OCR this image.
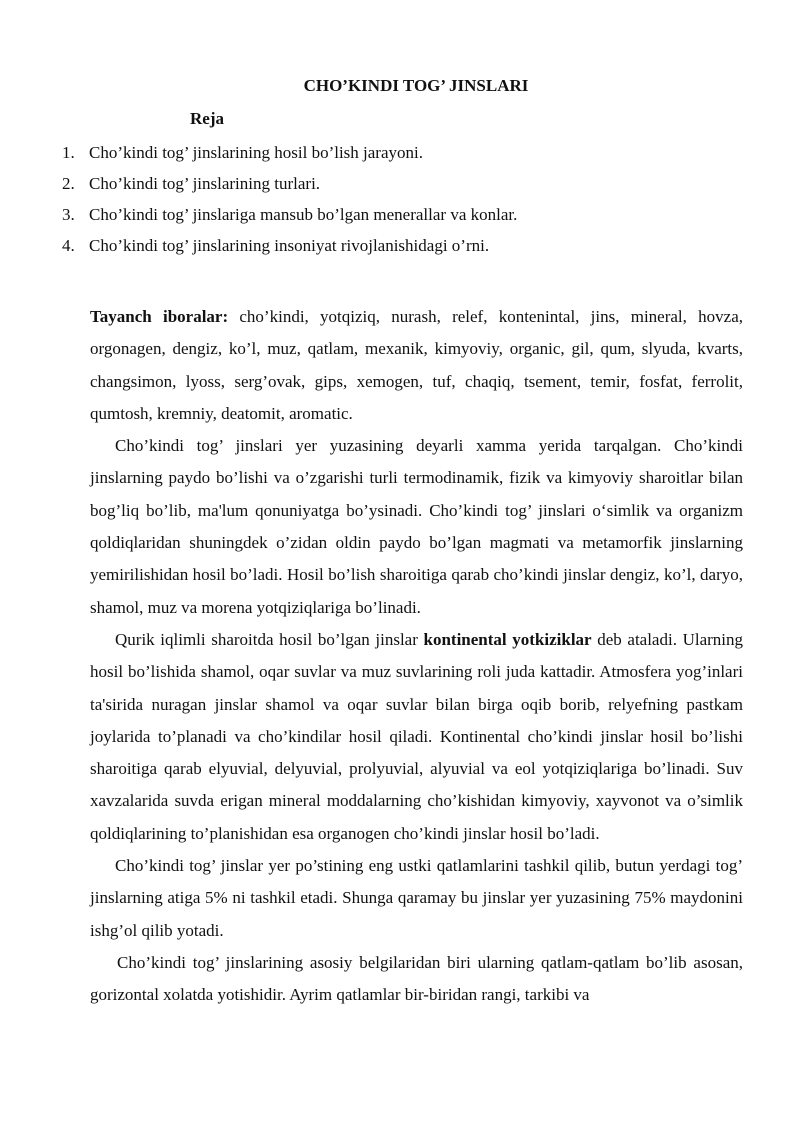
CHO’KINDI TOG’ JINSLARI
Reja
1. Cho’kindi tog’ jinslarining hosil bo’lish jarayoni.
2. Cho’kindi tog’ jinslarining turlari.
3. Cho’kindi tog’ jinslariga mansub bo’lgan menerallar va konlar.
4. Cho’kindi tog’ jinslarining insoniyat rivojlanishidagi o’rni.

Tayanch iboralar: cho’kindi, yotqiziq, nurash, relef, kontenintal, jins, mineral, hovza, orgonagen, dengiz, ko’l, muz, qatlam, mexanik, kimyoviy, organic, gil, qum, slyuda, kvarts, changsimon, lyoss, serg’ovak, gips, xemogen, tuf, chaqiq, tsement, temir, fosfat, ferrolit, qumtosh, kremniy, deatomit, aromatic.

Cho’kindi tog’ jinslari yer yuzasining deyarli xamma yerida tarqalgan. Cho’kindi jinslarning paydo bo’lishi va o’zgarishi turli termodinamik, fizik va kimyoviy sharoitlar bilan bog’liq bo’lib, ma'lum qonuniyatga bo’ysinadi. Cho’kindi tog’ jinslari o‘simlik va organizm qoldiqlaridan shuningdek o’zidan oldin paydo bo’lgan magmati va metamorfik jinslarning yemirilishidan hosil bo’ladi. Hosil bo’lish sharoitiga qarab cho’kindi jinslar dengiz, ko’l, daryo, shamol, muz va morena yotqiziqlariga bo’linadi.

Qurik iqlimli sharoitda hosil bo’lgan jinslar kontinental yotkiziklar deb ataladi. Ularning hosil bo’lishida shamol, oqar suvlar va muz suvlarining roli juda kattadir. Atmosfera yog’inlari ta'sirida nuragan jinslar shamol va oqar suvlar bilan birga oqib borib, relyefning pastkam joylarida to’planadi va cho’kindilar hosil qiladi. Kontinental cho’kindi jinslar hosil bo’lishi sharoitiga qarab elyuvial, delyuvial, prolyuvial, alyuvial va eol yotqiziqlariga bo’linadi. Suv xavzalarida suvda erigan mineral moddalarning cho’kishidan kimyoviy, xayvonot va o’simlik qoldiqlarining to’planishidan esa organogen cho’kindi jinslar hosil bo’ladi.

Cho’kindi tog’ jinslar yer po’stining eng ustki qatlamlarini tashkil qilib, butun yerdagi tog’ jinslarning atiga 5% ni tashkil etadi. Shunga qaramay bu jinslar yer yuzasining 75% maydonini ishg’ol qilib yotadi.

Cho’kindi tog’ jinslarining asosiy belgilaridan biri ularning qatlam-qatlam bo’lib asosan, gorizontal xolatda yotishidir. Ayrim qatlamlar bir-biridan rangi, tarkibi va
